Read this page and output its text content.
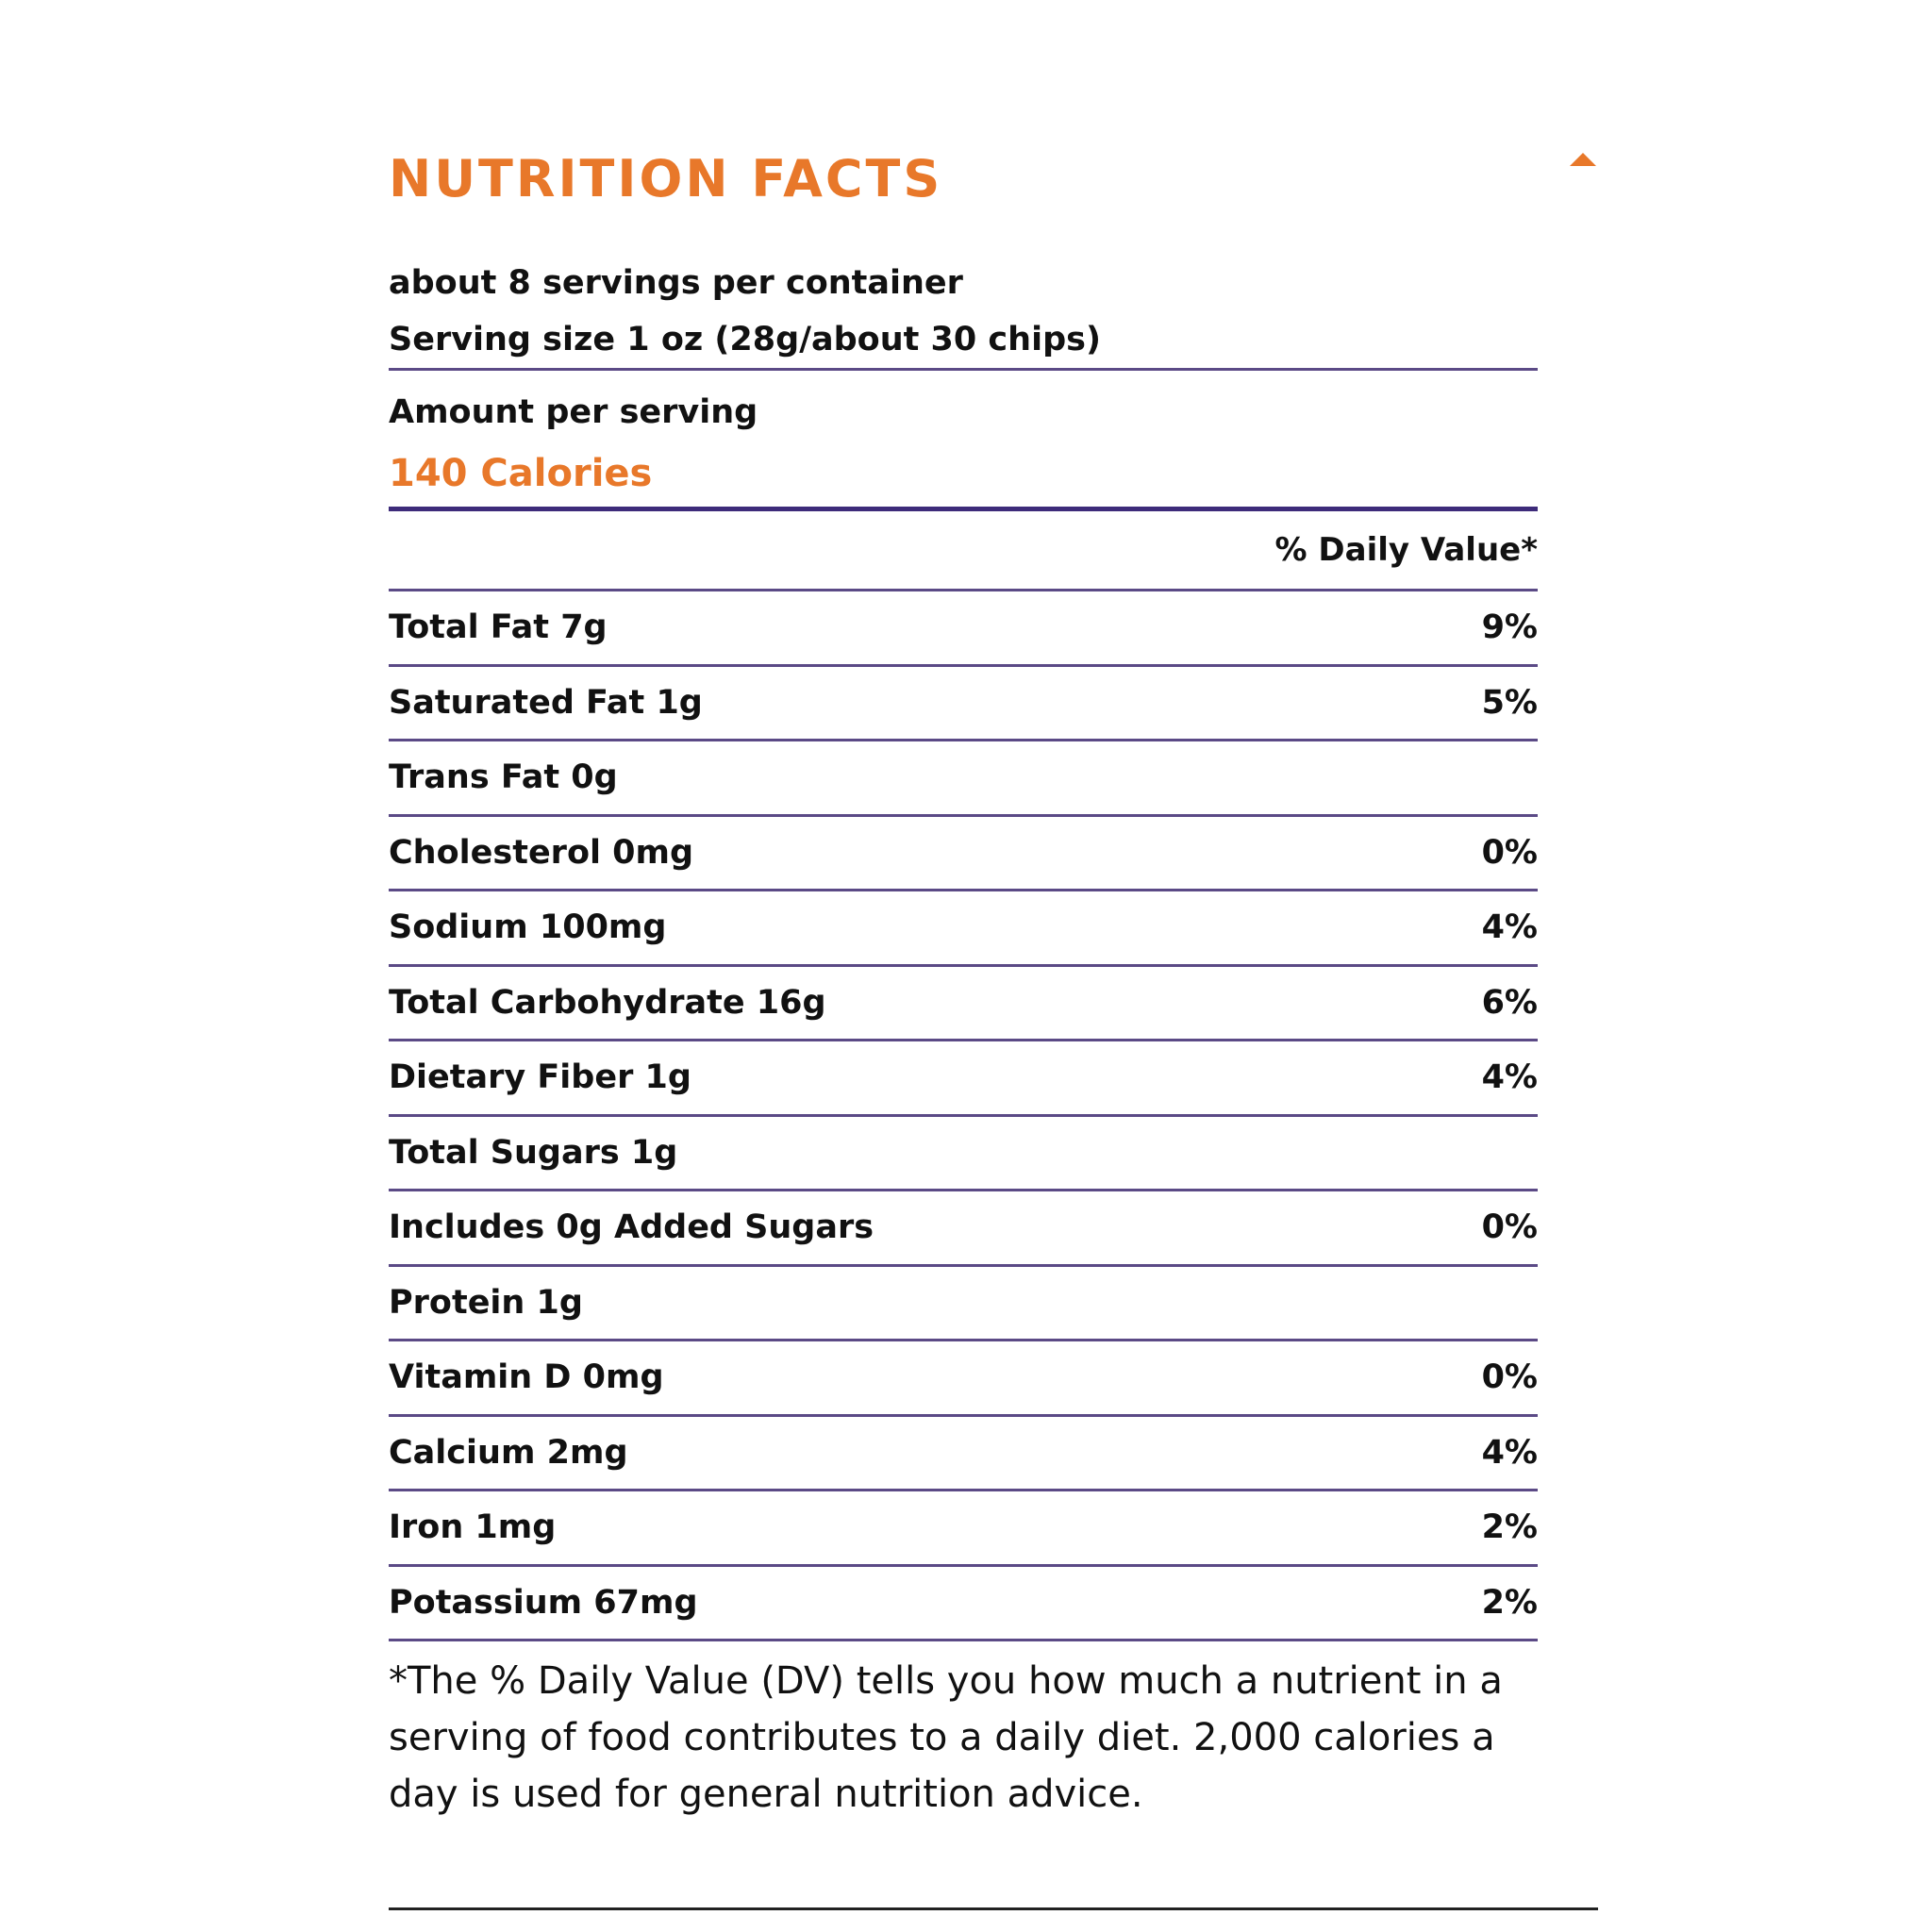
NUTRITION FACTS
about 8 servings per container
Serving size 1 oz (28g/about 30 chips)
Amount per serving
140 Calories
% Daily Value*
Total Fat 7g	9%
Saturated Fat 1g	5%
Trans Fat 0g
Cholesterol 0mg	0%
Sodium 100mg	4%
Total Carbohydrate 16g	6%
Dietary Fiber 1g	4%
Total Sugars 1g
Includes 0g Added Sugars	0%
Protein 1g
Vitamin D 0mg	0%
Calcium 2mg	4%
Iron 1mg	2%
Potassium 67mg	2%
*The % Daily Value (DV) tells you how much a nutrient in a serving of food contributes to a daily diet. 2,000 calories a day is used for general nutrition advice.
